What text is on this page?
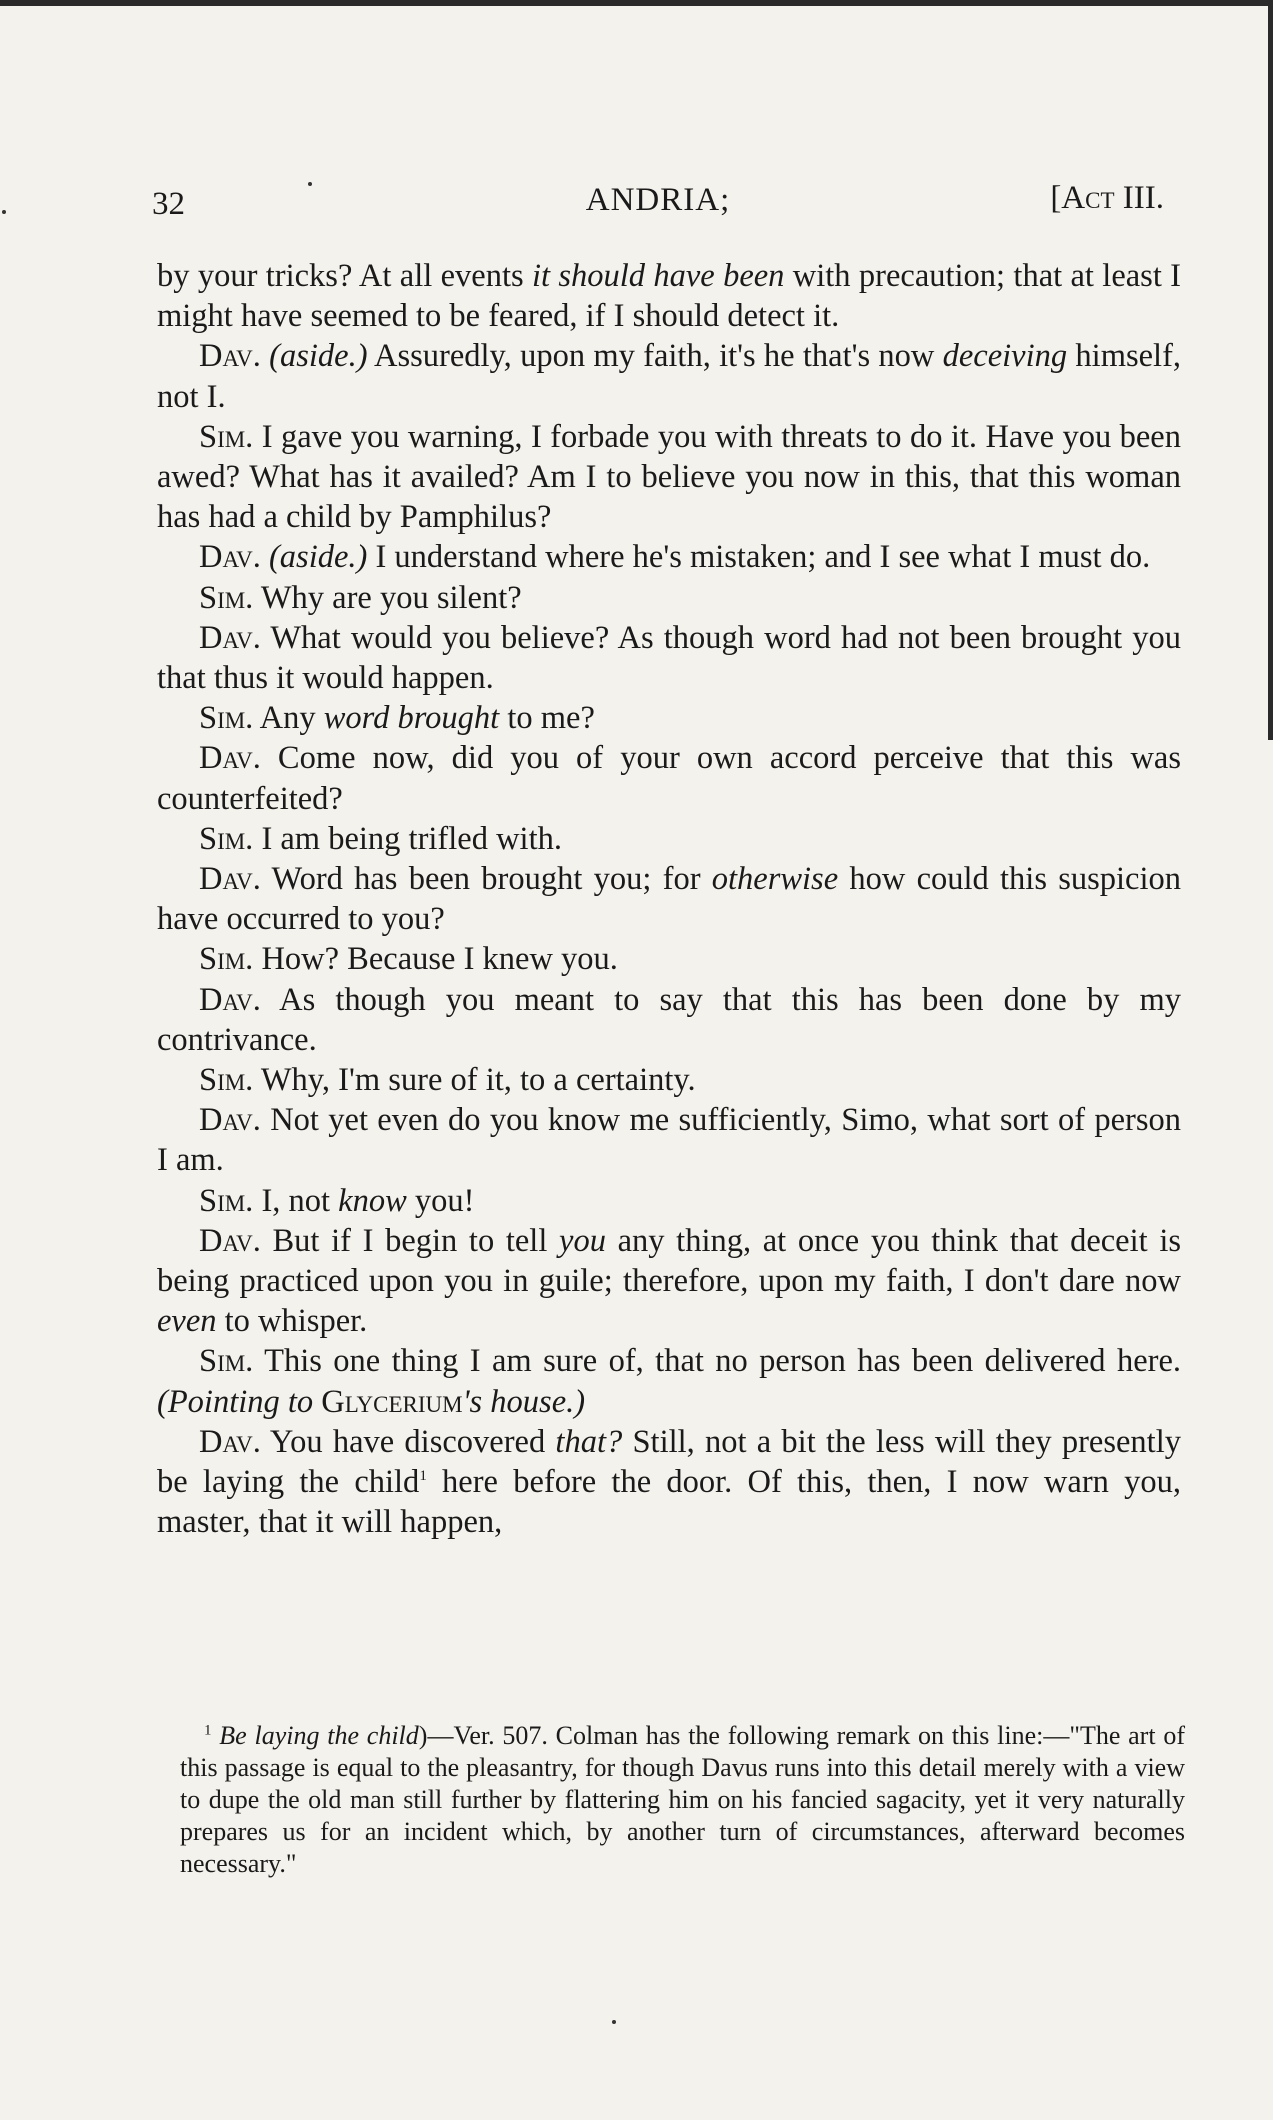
32	ANDRIA;	[Act III.

by your tricks? At all events it should have been with precaution; that at least I might have seemed to be feared, if I should detect it.

Dav. (aside.) Assuredly, upon my faith, it's he that's now deceiving himself, not I.

Sim. I gave you warning, I forbade you with threats to do it. Have you been awed? What has it availed? Am I to believe you now in this, that this woman has had a child by Pamphilus?

Dav. (aside.) I understand where he's mistaken; and I see what I must do.

Sim. Why are you silent?

Dav. What would you believe? As though word had not been brought you that thus it would happen.

Sim. Any word brought to me?

Dav. Come now, did you of your own accord perceive that this was counterfeited?

Sim. I am being trifled with.

Dav. Word has been brought you; for otherwise how could this suspicion have occurred to you?

Sim. How? Because I knew you.

Dav. As though you meant to say that this has been done by my contrivance.

Sim. Why, I'm sure of it, to a certainty.

Dav. Not yet even do you know me sufficiently, Simo, what sort of person I am.

Sim. I, not know you!

Dav. But if I begin to tell you any thing, at once you think that deceit is being practiced upon you in guile; therefore, upon my faith, I don't dare now even to whisper.

Sim. This one thing I am sure of, that no person has been delivered here. (Pointing to Glycerium's house.)

Dav. You have discovered that? Still, not a bit the less will they presently be laying the child$^1$ here before the door. Of this, then, I now warn you, master, that it will happen,

$^1$ Be laying the child)—Ver. 507. Colman has the following remark on this line:—"The art of this passage is equal to the pleasantry, for though Davus runs into this detail merely with a view to dupe the old man still further by flattering him on his fancied sagacity, yet it very naturally prepares us for an incident which, by another turn of circumstances, afterward becomes necessary."
